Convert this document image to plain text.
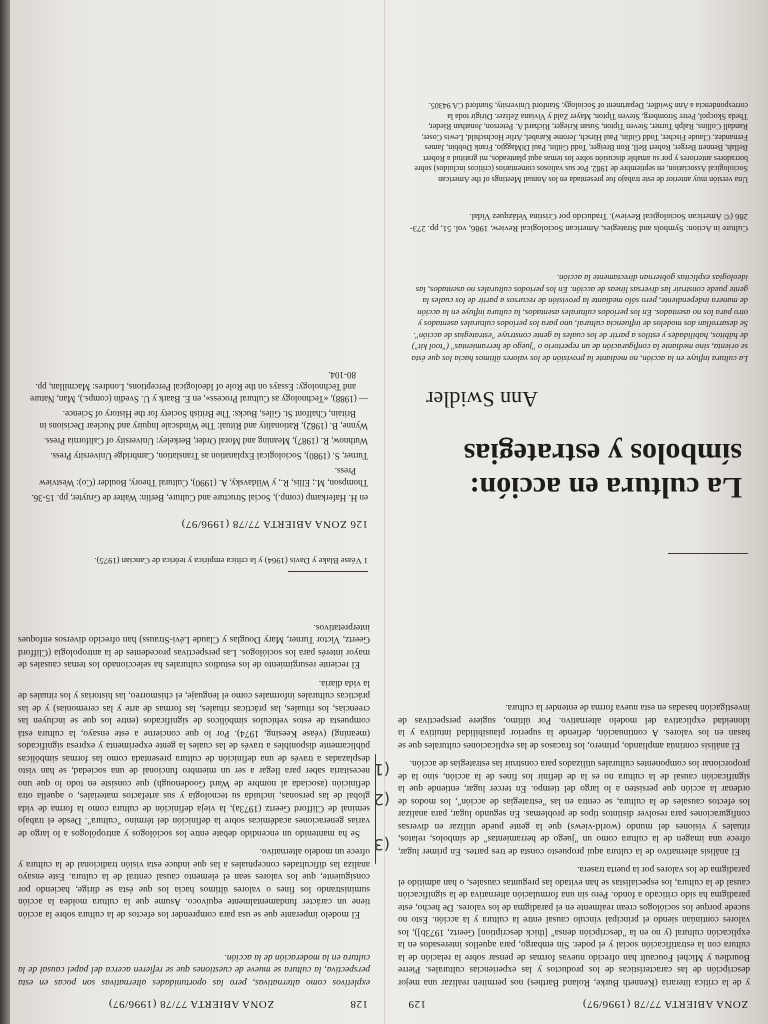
ZONA ABIERTA 77/78 (1996/97)
129

y de la crítica literaria (Kenneth Burke, Roland Barthes) nos permiten realizar una mejor descripción de las características de los productos y las experiencias culturales. Pierre Bourdieu y Michel Foucault han ofrecido nuevas formas de pensar sobre la relación de la cultura con la estratificación social y el poder. Sin embargo, para aquellos interesados en la explicación cultural (y no en la "descripción densa" [thick description] Geertz, 1973b]), los valores continúan siendo el principal vínculo causal entre la cultura y la acción. Esto no sucede porque los sociólogos crean realmente en el paradigma de los valores. De hecho, este paradigma ha sido criticado a fondo. Pero sin una formulación alternativa de la significación causal de la cultura, los especialistas se han evitado las preguntas causales, o han admitido el paradigma de los valores por la puerta trasera.

El análisis alternativo de la cultura aquí propuesto consta de tres partes. En primer lugar, ofrece una imagen de la cultura como un "juego de herramientas" de símbolos, relatos, rituales y visiones del mundo (world-views) que la gente puede utilizar en diversas configuraciones para resolver distintos tipos de problemas. En segundo lugar, para analizar los efectos causales de la cultura, se centra en las "estrategias de acción", los modos de ordenar la acción que persisten a lo largo del tiempo. En tercer lugar, entiende que la significación causal de la cultura no es la de definir los fines de la acción, sino la de proporcionar los componentes culturales utilizados para construir las estrategias de acción.

El análisis continúa ampliando, primero, los fracasos de las explicaciones culturales que se basan en los valores. A continuación, defiende la superior plausibilidad intuitiva y la idoneidad explicativa del modelo alternativo. Por último, sugiere perspectivas de investigación basadas en esta nueva forma de entender la cultura.

La cultura en acción: símbolos y estrategias
Ann Swidler
La cultura influye en la acción, no mediante la provisión de los valores últimos hacia los que ésta se orienta, sino mediante la configuración de un repertorio o "juego de herramientas" ("tool kit") de hábitos, habilidades y estilos a partir de los cuales la gente construye "estrategias de acción". Se desarrollan dos modelos de influencia cultural, uno para los períodos culturales asentados y otro para los no asentados. En los períodos culturales asentados, la cultura influye en la acción de manera independiente, pero sólo mediante la provisión de recursos a partir de los cuales la gente puede construir las diversas líneas de acción. En los periodos culturales no asentados, las ideologías explícitas gobiernan directamente la acción.
Culture in Action: Symbols and Strategies, American Sociological Review, 1986, vol. 51, pp. 273-286 (© American Sociological Review). Traducido por Cristina Velázquez Vidal.
Una versión muy anterior de este trabajo fue presentada en los Annual Meetings of the American Sociological Association, en septiembre de 1982. Por sus valiosos comentarios (críticos incluidos) sobre borradores anteriores y por su amable discusión sobre los temas aquí planteados, mi gratitud a Robert Bellah, Bennett Berger, Robert Bell, Ron Breiger, Todd Gitlin, Paul DiMaggio, Frank Dobbin, James Fernandez, Claude Fischer, Todd Gitlin, Paul Hirsch, Jerome Karabel, Arlie Hochschild, Lewis Coser, Randall Collins, Ralph Turner, Steven Tipton, Susan Krieger, Richard A. Peterson, Jonathan Rieder, Theda Skocpol, Peter Stromberg, Steven Tipton, Mayer Zald y Viviana Zelizer. Dirigir toda la correspondencia a Ann Swidler, Department of Sociology, Stanford University, Stanford CA 94305.
128
ZONA ABIERTA 77/78 (1996/97)

expletivos como alternativas, pero las oportunidades alternativas son pocas en esta perspectiva, la cultura se mueve de cuestiones que se refieren acerca del papel causal de la cultura en la moderación de la acción.

El modelo imperante que se usa para comprender los efectos de la cultura sobre la acción tiene un carácter fundamentalmente equívoco. Asume que la cultura moldea la acción suministrando los fines o valores últimos hacia los que ésta se dirige, haciendo por consiguiente, que los valores sean el elemento causal central de la cultura. Este ensayo analiza las dificultades conceptuales a las que induce esta visión tradicional de la cultura y ofrece un modelo alternativo.

Se ha mantenido un encendido debate entre los sociólogos y antropólogos a lo largo de varias generaciones académicas sobre la definición del término "cultura". Desde el trabajo seminal de Clifford Geertz (1973a), la vieja definición de cultura como la forma de vida global de las personas, incluida su tecnología y sus artefactos materiales, o aquella otra definición (asociada al nombre de Ward Goodenough) que consiste en todo lo que uno necesitaría saber para llegar a ser un miembro funcional de una sociedad, se han visto desplazadas a través de una definición de cultura presentada como las formas simbólicas públicamente disponibles a través de las cuales la gente experimenta y expresa significados (meaning) (véase Keesing, 1974). Por lo que concierne a este ensayo, la cultura está compuesta de estos vehículos simbólicos de significados (entre los que se incluyen las creencias, los rituales, las prácticas rituales, las formas de arte y las ceremonias) y de las prácticas culturales informales como el lenguaje, el chismorreo, las historias y los rituales de la vida diaria.

El reciente resurgimiento de los estudios culturales ha seleccionado los temas causales de mayor interés para los sociólogos. Las perspectivas procedentes de la antropología (Clifford Geertz, Victor Turner, Mary Douglas y Claude Lévi-Strauss) han ofrecido diversos enfoques interpretativos.

1 Véase Blake y Davis (1964) y la crítica empírica y teórica de Cancian (1975).
126 ZONA ABIERTA 77/78 (1996/97)

en H. Haferkamp (comp.), Social Structure and Culture, Berlín: Walter de Gruyter, pp. 15-36.

Thompson, M.; Ellis, R., y Wildavsky, A. (1990), Cultural Theory, Boulder (Co): Westview Press.

Turner, S. (1980), Sociological Explanation as Translation, Cambridge University Press.

Wuthnow, R. (1987), Meaning and Moral Order, Berkeley: University of California Press.

Wynne, B. (1982), Rationality and Ritual: The Windscale Inquiry and Nuclear Decisions in Britain, Chalfont St. Giles, Bucks: The British Society for the History of Science.

— (1988), «Technology as Cultural Process», en E. Baark y U. Svedin (comps.), Man, Nature and Technology: Essays on the Role of Ideological Perceptions, Londres: Macmillan, pp. 80-104.

(1
(2
(3
